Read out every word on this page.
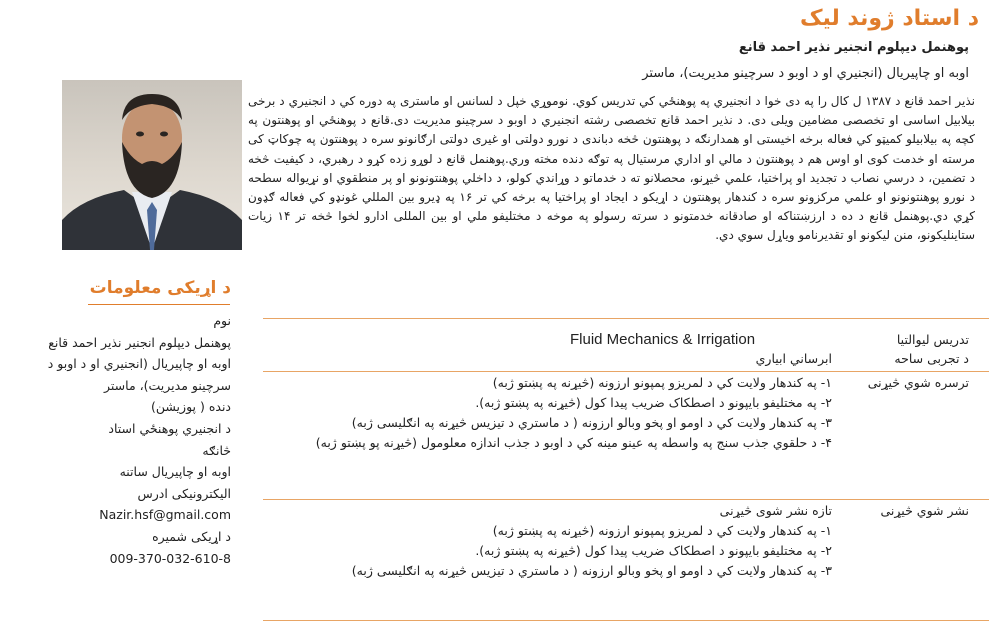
د استاد ژوند ليک
پوهنمل ديپلوم انجنير نذير احمد قانع
اوبه او چاپيريال (انجنيري او د اوبو د سرچينو مديريت)، ماستر
نذير احمد قانع د ۱۳۸۷ ل کال را په دی خوا د انجنيري په پوهنځي کي تدريس کوي. نوموړي خپل د لسانس او ماستری په دوره کي د انجنيري د برخی بيلابيل اساسی او تخصصی مضامين ويلی دی. د نذير احمد قانع تخصصی رشته انجنيري د اوبو د سرچينو مديريت دی.قانع د پوهنځي او پوهنتون په کچه په بيلابيلو کميټو کي فعاله برخه اخيستی او همدارنګه د پوهنتون څخه دباندی د نورو دولتی او غيری دولتی ارګانونو سره د پوهنتون په چوکاټ کی مرسته او خدمت کوی او اوس هم د پوهنتون د مالي او اداري مرستيال په توګه دنده مخته وري.پوهنمل قانع د لوړو زده کړو د رهبري، د کيفيت څخه د تضمين، د درسي نصاب د تجديد او پراختيا، علمي څيړنو، محصلانو ته د خدماتو د وړاندي کولو، د داخلي پوهنتونونو او پر منطقوي او نړيواله سطحه د نورو پوهنتونونو او علمي مرکزونو سره د کندهار پوهنتون د اړيکو د ايجاد او پراختيا په برخه کي تر ۱۶ په ډيرو بين المللي غونډو کي فعاله ګډون کړي دي.پوهنمل قانع د ده د ارزښتناکه او صادقانه خدمتونو د سرته رسولو په موخه د مختليفو ملي او بين المللی ادارو لخوا څخه تر ۱۴ زيات ستاينليکونو، منن ليکونو او تقديرنامو وياړل سوي دي.
د اړيکی معلومات
نوم
پوهنمل ديپلوم انجنير نذير احمد قانع
اوبه او چاپيريال (انجنيري او د اوبو د سرچينو مديريت)، ماستر
دنده ( پوزيشن)
د انجنيري پوهنځي استاد
څانګه
اوبه او چاپيريال ساتنه
اليکترونيکی ادرس
Nazir.hsf@gmail.com
د اړيکی شميره
009-370-032-610-8
تدريس ليوالتيا
Fluid Mechanics & Irrigation
د تجربی ساحه
ابرساني ابياري
ترسره شوي څيړنی

۱- په کندهار ولايت کي د لمريزو پمپونو ارزونه (څيړنه په پښتو ژبه)

۲- په مختليفو بايپونو د اصطکاک ضريب پيدا کول (څيړنه په پښتو ژبه).

۳- په کندهار ولايت کي د اومو او پخو وبالو ارزونه ( د ماستري د تيزيس څيړنه په انګليسی ژبه)

۴- د حلقوي جذب سنج په واسطه په عينو مينه کي د اوبو د جذب اندازه معلومول (څيړنه پو پښتو ژبه)

نشر شوي څيړنی

تازه نشر شوی څيړنی

۱- په کندهار ولايت کي د لمريزو پمپونو ارزونه (څيړنه په پښتو ژبه)

۲- په مختليفو بايپونو د اصطکاک ضريب پيدا کول (څيړنه په پښتو ژبه).

۳- په کندهار ولايت کي د اومو او پخو وبالو ارزونه ( د ماستري د تيزيس څيړنه په انګليسی ژبه)
